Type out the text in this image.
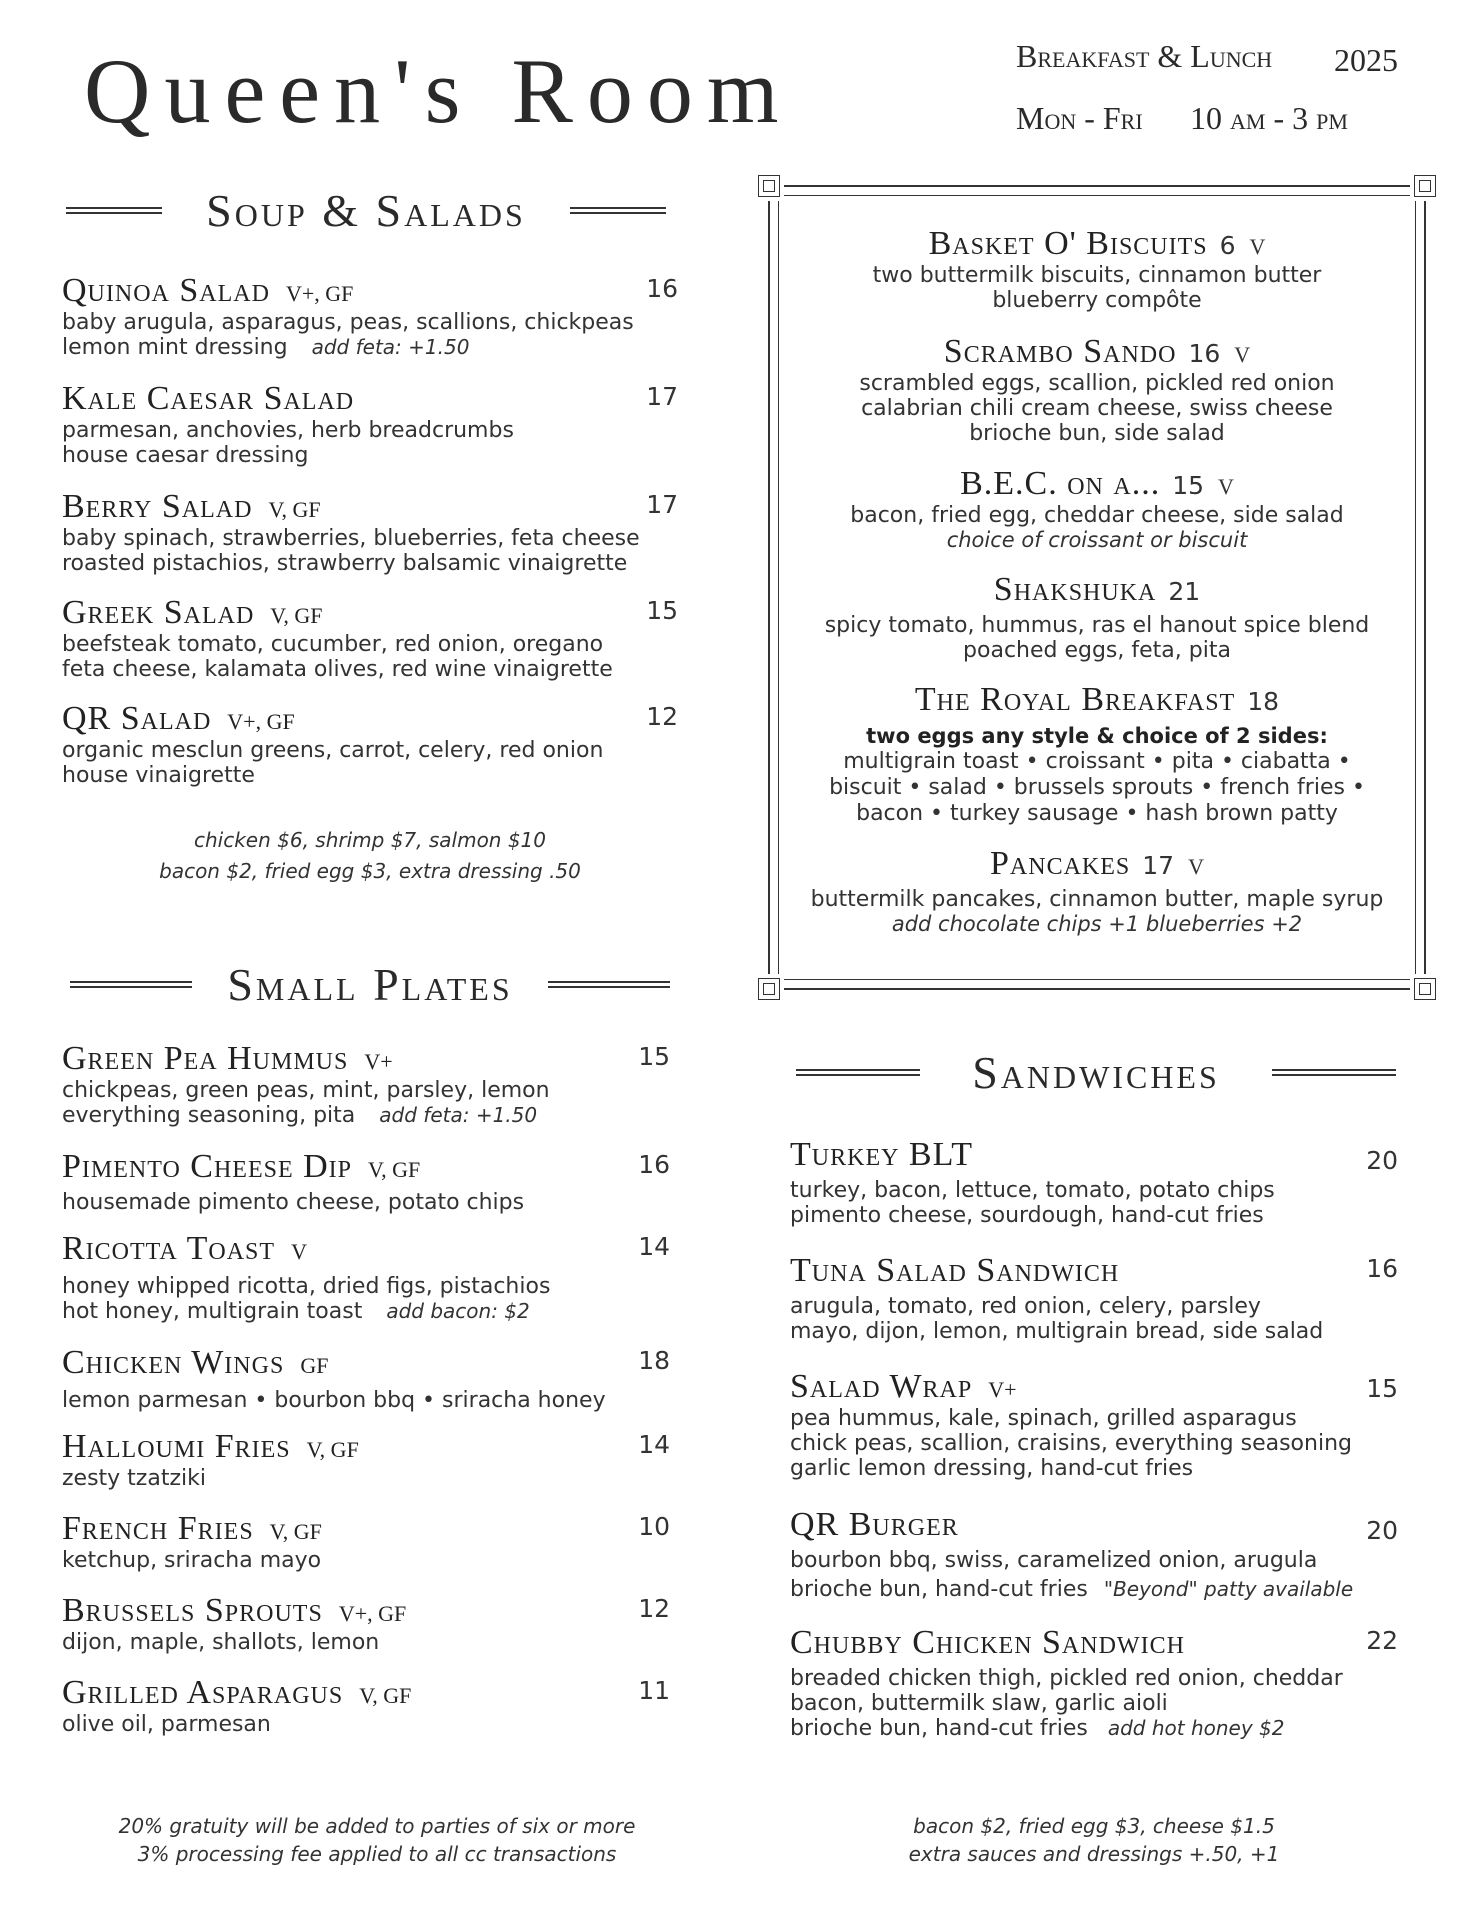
Queen's Room	Breakfast & Lunch 2025
Mon - Fri 10 am - 3 pm
Soup & Salads
Quinoa Salad V+, GF	16
baby arugula, asparagus, peas, scallions, chickpeas
lemon mint dressing add feta: +1.50
Kale Caesar Salad	17
parmesan, anchovies, herb breadcrumbs
house caesar dressing
Berry Salad V, GF	17
baby spinach, strawberries, blueberries, feta cheese
roasted pistachios, strawberry balsamic vinaigrette
Greek Salad V, GF	15
beefsteak tomato, cucumber, red onion, oregano
feta cheese, kalamata olives, red wine vinaigrette
QR Salad V+, GF	12
organic mesclun greens, carrot, celery, red onion
house vinaigrette
chicken $6, shrimp $7, salmon $10
bacon $2, fried egg $3, extra dressing .50
Small Plates
Green Pea Hummus V+	15
chickpeas, green peas, mint, parsley, lemon
everything seasoning, pita add feta: +1.50
Pimento Cheese Dip V, GF	16
housemade pimento cheese, potato chips
Ricotta Toast V	14
honey whipped ricotta, dried figs, pistachios
hot honey, multigrain toast add bacon: $2
Chicken Wings GF	18
lemon parmesan • bourbon bbq • sriracha honey
Halloumi Fries V, GF	14
zesty tzatziki
French Fries V, GF	10
ketchup, sriracha mayo
Brussels Sprouts V+, GF	12
dijon, maple, shallots, lemon
Grilled Asparagus V, GF	11
olive oil, parmesan
20% gratuity will be added to parties of six or more
3% processing fee applied to all cc transactions
Basket O' Biscuits 6 V
two buttermilk biscuits, cinnamon butter
blueberry compôte
Scrambo Sando 16 V
scrambled eggs, scallion, pickled red onion
calabrian chili cream cheese, swiss cheese
brioche bun, side salad
B.E.C. on a... 15 V
bacon, fried egg, cheddar cheese, side salad
choice of croissant or biscuit
Shakshuka 21
spicy tomato, hummus, ras el hanout spice blend
poached eggs, feta, pita
The Royal Breakfast 18
two eggs any style & choice of 2 sides:
multigrain toast • croissant • pita • ciabatta •
biscuit • salad • brussels sprouts • french fries •
bacon • turkey sausage • hash brown patty
Pancakes 17 V
buttermilk pancakes, cinnamon butter, maple syrup
add chocolate chips +1 blueberries +2
Sandwiches
Turkey BLT	20
turkey, bacon, lettuce, tomato, potato chips
pimento cheese, sourdough, hand-cut fries
Tuna Salad Sandwich	16
arugula, tomato, red onion, celery, parsley
mayo, dijon, lemon, multigrain bread, side salad
Salad Wrap V+	15
pea hummus, kale, spinach, grilled asparagus
chick peas, scallion, craisins, everything seasoning
garlic lemon dressing, hand-cut fries
QR Burger	20
bourbon bbq, swiss, caramelized onion, arugula
brioche bun, hand-cut fries "Beyond" patty available
Chubby Chicken Sandwich	22
breaded chicken thigh, pickled red onion, cheddar
bacon, buttermilk slaw, garlic aioli
brioche bun, hand-cut fries add hot honey $2
bacon $2, fried egg $3, cheese $1.5
extra sauces and dressings +.50, +1
